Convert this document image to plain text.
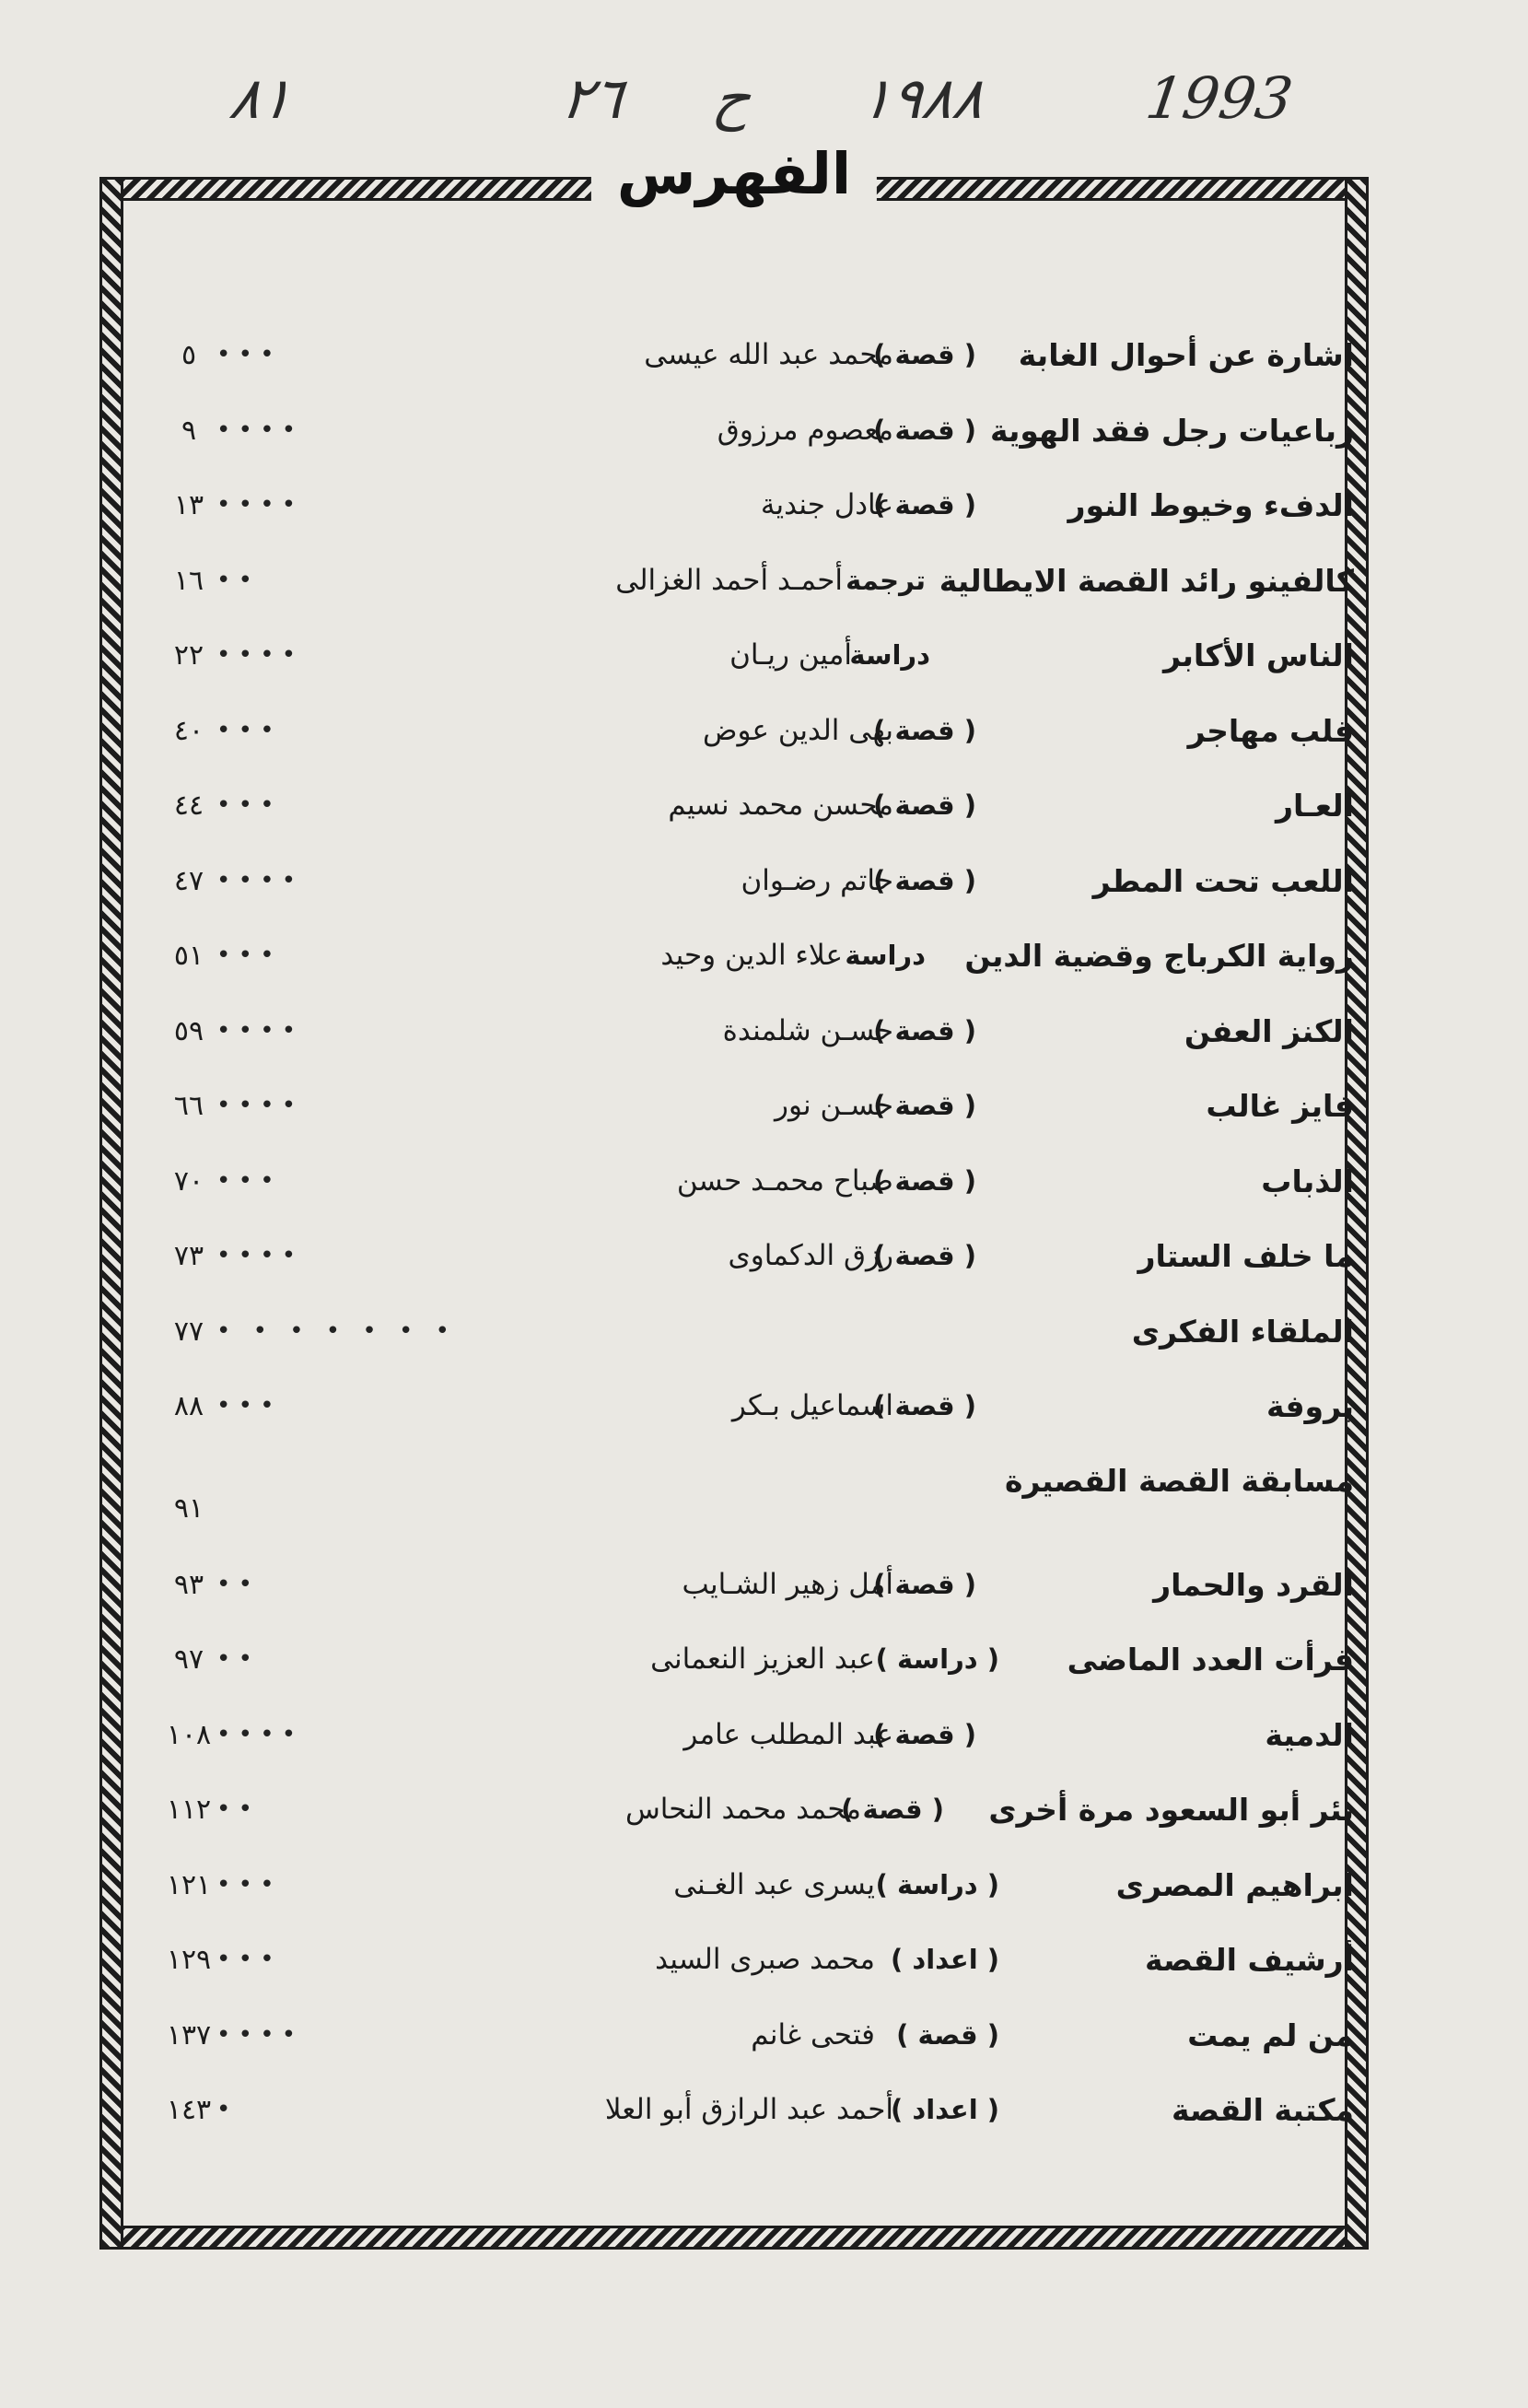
1993
١٩٨٨
ح
٢٦
٨١
الفهرس
اشارة عن أحوال الغابة
( قصة )
محمد عبد الله عيسى
• • •
٥
رباعيات رجل فقد الهوية
( قصة )
معصوم مرزوق
• • • •
٩
الدفء وخيوط النور
( قصة )
عادل جندية
• • • •
١٣
كالفينو رائد القصة الايطالية
ترجمة
أحمـد أحمد الغزالى
• •
١٦
الناس الأكابر
دراسة
أمين ريـان
• • • •
٢٢
قلب مهاجر
( قصة )
بهى الدين عوض
• • •
٤٠
العـار
( قصة )
محسن محمد نسيم
• • •
٤٤
اللعب تحت المطر
( قصة )
حاتم رضـوان
• • • •
٤٧
رواية الكرباج وقضية الدين
دراسة
علاء الدين وحيد
• • •
٥١
الكنز العفن
( قصة )
حسـن شلمندة
• • • •
٥٩
فايز غالب
( قصة )
حسـن نور
• • • •
٦٦
الذباب
( قصة )
صباح محمـد حسن
• • •
٧٠
ما خلف الستار
( قصة )
رزق الدكماوى
• • • •
٧٣
الملقاء الفكرى
• • • • • • •
٧٧
بروفة
( قصة )
اسماعيل بـكر
• • •
٨٨
مسابقة القصة القصيرة
٩١
القرد والحمار
( قصة )
أمل زهير الشـايب
• •
٩٣
قرأت العدد الماضى
( دراسة )
عبد العزيز النعمانى
• •
٩٧
الدمية
( قصة )
عبد المطلب عامر
• • • •
١٠٨
بئر أبو السعود مرة أخرى
( قصة )
محمد محمد النحاس
• •
١١٢
ابراهيم المصرى
( دراسة )
يسرى عبد الغـنى
• • •
١٢١
أرشيف القصة
( اعداد )
محمد صبرى السيد
• • •
١٢٩
من لم يمت
( قصة )
فتحى غانم
• • • •
١٣٧
مكتبة القصة
( اعداد )
أحمد عبد الرازق أبو العلا
•
١٤٣
